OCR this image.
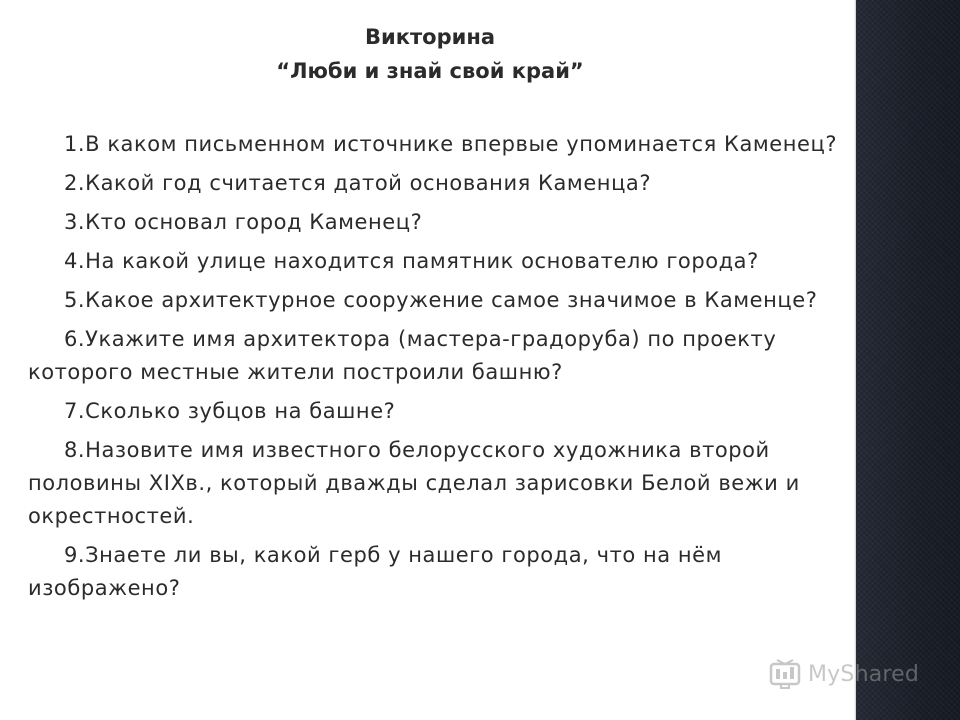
Викторина
“Люби и знай свой край”

1.В каком письменном источнике впервые упоминается Каменец?

2.Какой год считается датой основания Каменца?

3.Кто основал город Каменец?

4.На какой улице находится памятник основателю города?

5.Какое архитектурное сооружение самое значимое в Каменце?

6.Укажите имя архитектора (мастера-градоруба) по проекту которого местные жители построили башню?

7.Сколько зубцов на башне?

8.Назовите имя известного белорусского художника второй половины XIXв., который дважды сделал зарисовки Белой вежи и окрестностей.

9.Знаете ли вы, какой герб у нашего города, что на нём изображено?

MyShared
